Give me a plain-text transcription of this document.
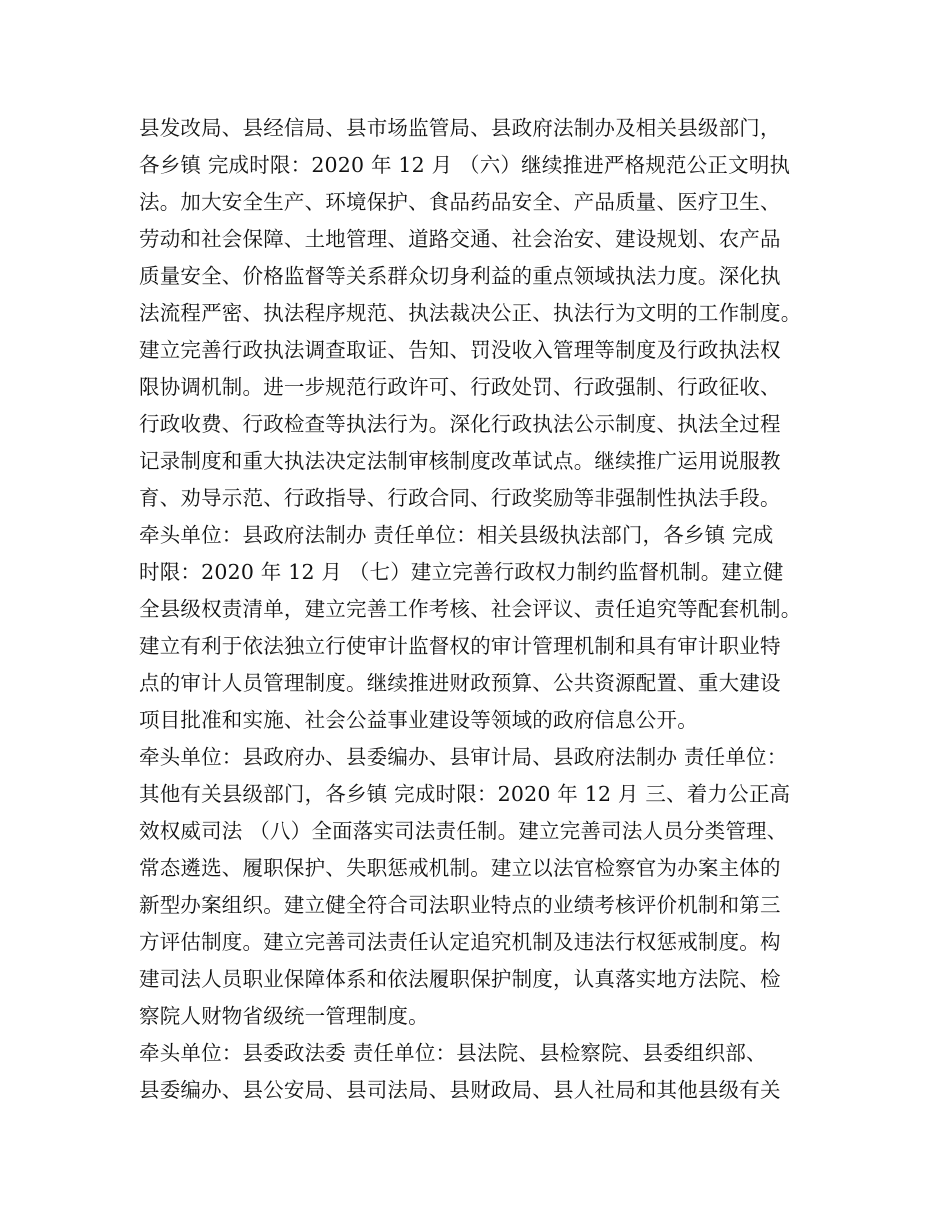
县发改局、县经信局、县市场监管局、县政府法制办及相关县级部门，
各乡镇 完成时限：2020 年 12 月 （六）继续推进严格规范公正文明执
法。加大安全生产、环境保护、食品药品安全、产品质量、医疗卫生、
劳动和社会保障、土地管理、道路交通、社会治安、建设规划、农产品
质量安全、价格监督等关系群众切身利益的重点领域执法力度。深化执
法流程严密、执法程序规范、执法裁决公正、执法行为文明的工作制度。
建立完善行政执法调查取证、告知、罚没收入管理等制度及行政执法权
限协调机制。进一步规范行政许可、行政处罚、行政强制、行政征收、
行政收费、行政检查等执法行为。深化行政执法公示制度、执法全过程
记录制度和重大执法决定法制审核制度改革试点。继续推广运用说服教
育、劝导示范、行政指导、行政合同、行政奖励等非强制性执法手段。
牵头单位：县政府法制办 责任单位：相关县级执法部门，各乡镇 完成
时限：2020 年 12 月 （七）建立完善行政权力制约监督机制。建立健
全县级权责清单，建立完善工作考核、社会评议、责任追究等配套机制。
建立有利于依法独立行使审计监督权的审计管理机制和具有审计职业特
点的审计人员管理制度。继续推进财政预算、公共资源配置、重大建设
项目批准和实施、社会公益事业建设等领域的政府信息公开。
牵头单位：县政府办、县委编办、县审计局、县政府法制办 责任单位：
其他有关县级部门，各乡镇 完成时限：2020 年 12 月 三、着力公正高
效权威司法 （八）全面落实司法责任制。建立完善司法人员分类管理、
常态遴选、履职保护、失职惩戒机制。建立以法官检察官为办案主体的
新型办案组织。建立健全符合司法职业特点的业绩考核评价机制和第三
方评估制度。建立完善司法责任认定追究机制及违法行权惩戒制度。构
建司法人员职业保障体系和依法履职保护制度，认真落实地方法院、检
察院人财物省级统一管理制度。
牵头单位：县委政法委 责任单位：县法院、县检察院、县委组织部、
县委编办、县公安局、县司法局、县财政局、县人社局和其他县级有关
